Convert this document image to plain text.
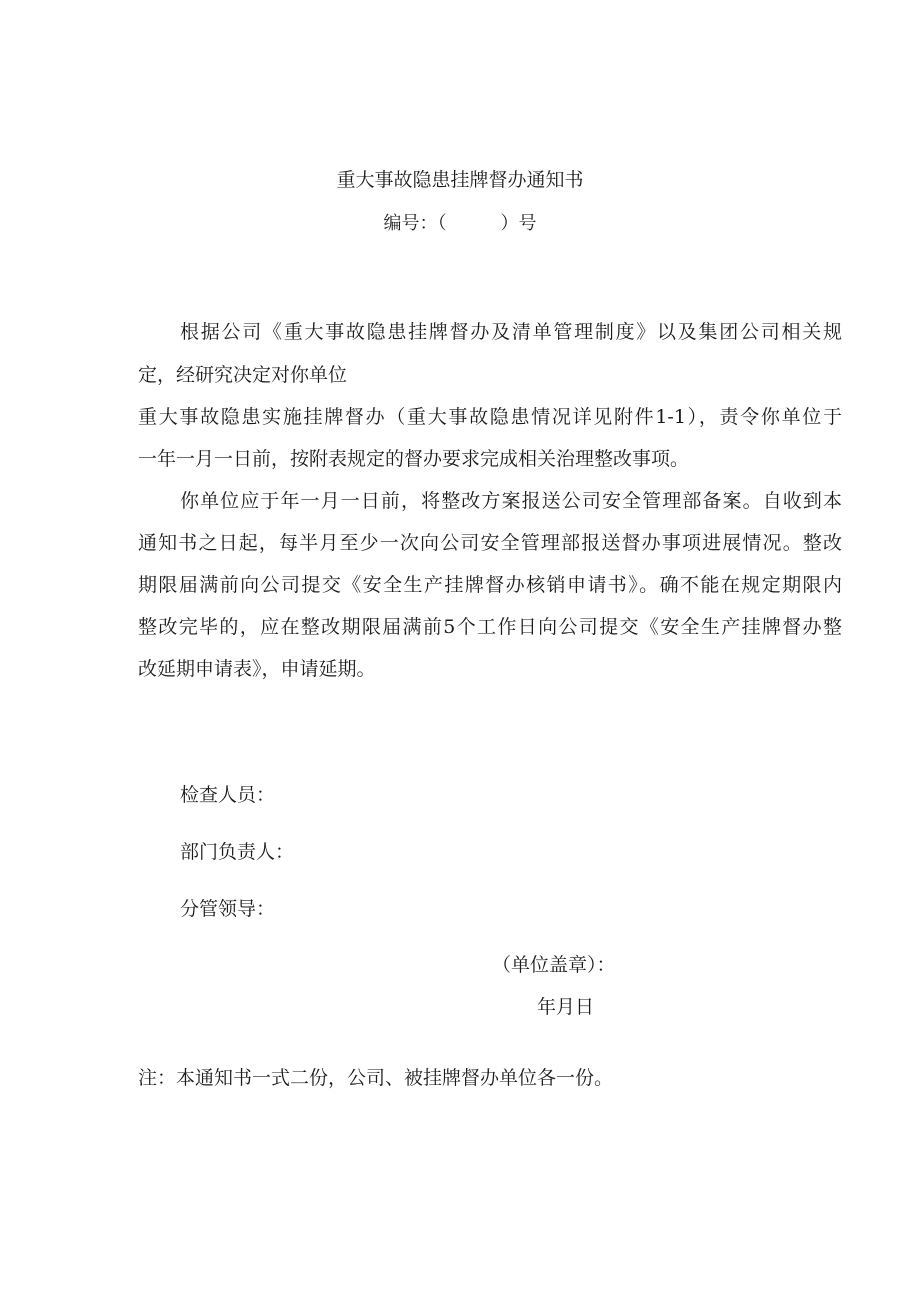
重大事故隐患挂牌督办通知书
编号：（　　　）号
根据公司《重大事故隐患挂牌督办及清单管理制度》以及集团公司相关规
定，经研究决定对你单位
重大事故隐患实施挂牌督办（重大事故隐患情况详见附件1-1），责令你单位于
一年一月一日前，按附表规定的督办要求完成相关治理整改事项。
你单位应于年一月一日前，将整改方案报送公司安全管理部备案。自收到本
通知书之日起，每半月至少一次向公司安全管理部报送督办事项进展情况。整改
期限届满前向公司提交《安全生产挂牌督办核销申请书》。确不能在规定期限内
整改完毕的，应在整改期限届满前5个工作日向公司提交《安全生产挂牌督办整
改延期申请表》，申请延期。
检查人员：
部门负责人：
分管领导：
（单位盖章）：
年月日
注：本通知书一式二份，公司、被挂牌督办单位各一份。
